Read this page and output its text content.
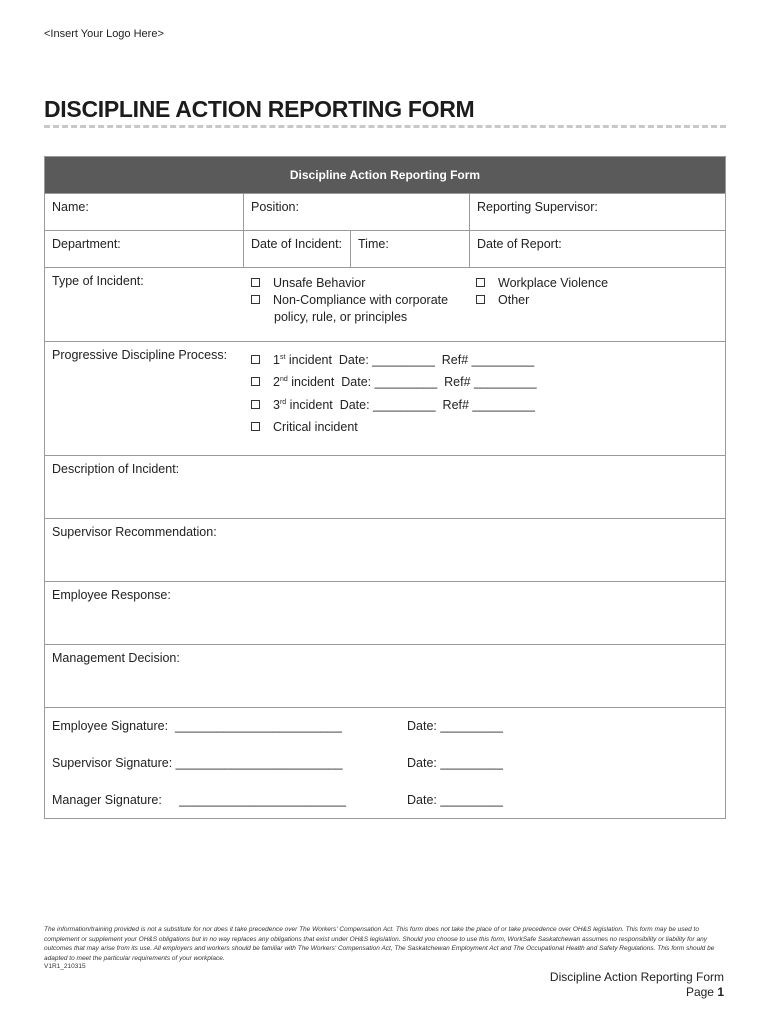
<Insert Your Logo Here>
DISCIPLINE ACTION REPORTING FORM
Discipline Action Reporting Form
Name:	Position:	Reporting Supervisor:
Department:	Date of Incident:	Time:	Date of Report:
Type of Incident:	Unsafe Behavior
Non-Compliance with corporate
policy, rule, or principles
Workplace Violence
Other
Progressive Discipline Process:	1st incident  Date: _________  Ref# _________
2nd incident  Date: _________  Ref# _________
3rd incident  Date: _________  Ref# _________
Critical incident
Description of Incident:
Supervisor Recommendation:
Employee Response:
Management Decision:
Employee Signature:  ________________________	Date: _________
Supervisor Signature: ________________________	Date: _________
Manager Signature:     ________________________	Date: _________
The information/training provided is not a substitute for nor does it take precedence over The Workers' Compensation Act. This form does not take the place of or take precedence over OH&S legislation. This form may be used to complement or supplement your OH&S obligations but in no way replaces any obligations that exist under OH&S legislation. Should you choose to use this form, WorkSafe Saskatchewan assumes no responsibility or liability for any outcomes that may arise from its use. All employers and workers should be familiar with The Workers' Compensation Act, The Saskatchewan Employment Act and The Occupational Health and Safety Regulations. This form should be adapted to meet the particular requirements of your workplace.
V1R1_210315
Discipline Action Reporting Form
Page 1
